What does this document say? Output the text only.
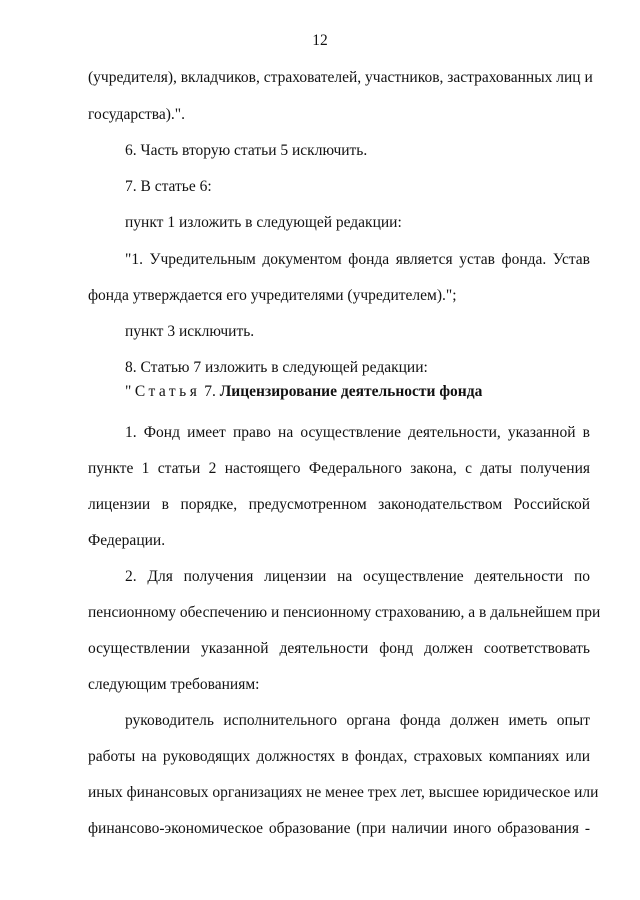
12
(учредителя), вкладчиков, страхователей, участников, застрахованных лиц и
государства).".
6. Часть вторую статьи 5 исключить.
7. В статье 6:
пункт 1 изложить в следующей редакции:
"1. Учредительным документом фонда является устав фонда. Устав
фонда утверждается его учредителями (учредителем).";
пункт 3 исключить.
8. Статью 7 изложить в следующей редакции:
"Статья 7. Лицензирование деятельности фонда
1. Фонд имеет право на осуществление деятельности, указанной в
пункте 1 статьи 2 настоящего Федерального закона, с даты получения
лицензии в порядке, предусмотренном законодательством Российской
Федерации.
2. Для получения лицензии на осуществление деятельности по
пенсионному обеспечению и пенсионному страхованию, а в дальнейшем при
осуществлении указанной деятельности фонд должен соответствовать
следующим требованиям:
руководитель исполнительного органа фонда должен иметь опыт
работы на руководящих должностях в фондах, страховых компаниях или
иных финансовых организациях не менее трех лет, высшее юридическое или
финансово-экономическое образование (при наличии иного образования -
